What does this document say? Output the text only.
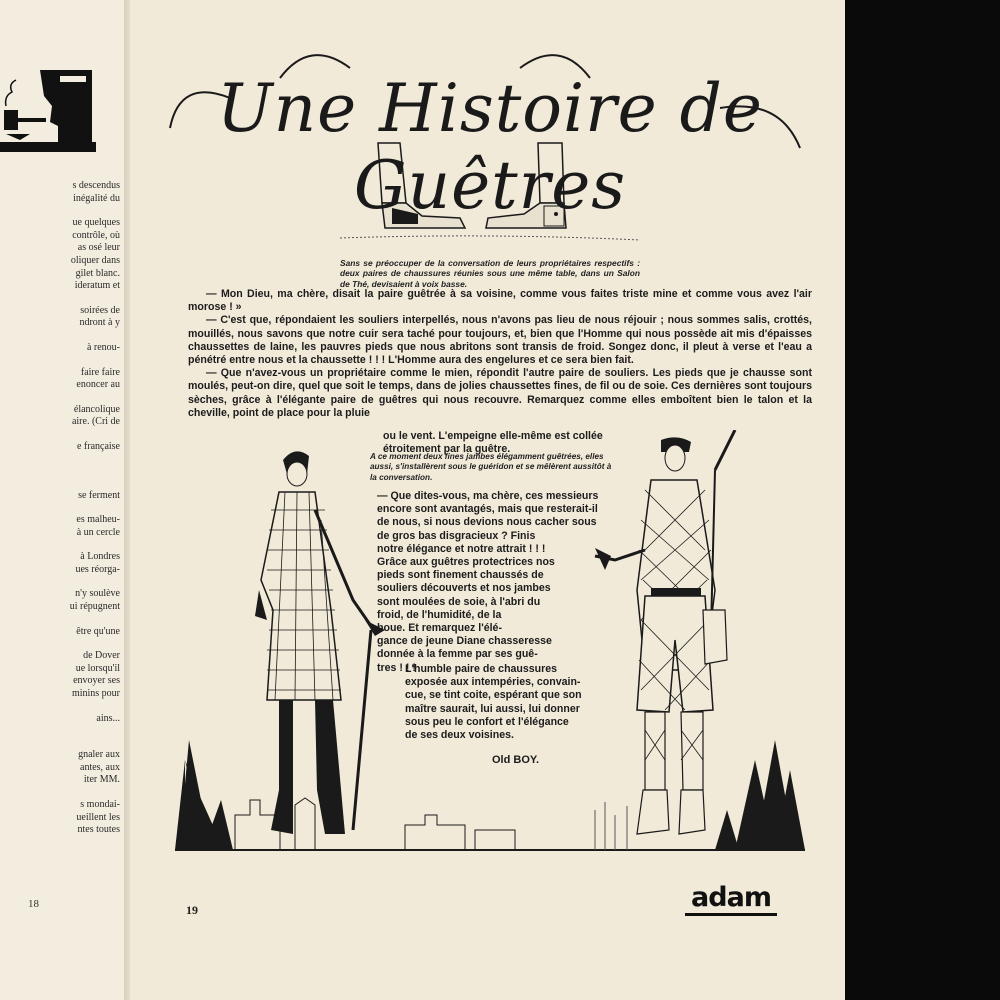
s descendus
inégalité du
ue quelques
contrôle, où
as osé leur
oliquer dans
gilet blanc.
ideratum et
soirées de
ndront à y
à renou-
faire faire
enoncer au
élancolique
aire. (Cri de
e française
se ferment
es malheu-
à un cercle
à Londres
ues réorga-
n'y soulève
ui répugnent
être qu'une
de Dover
ue lorsqu'il
envoyer ses
minins pour
ains...
gnaler aux
antes, aux
iter MM.
s mondai-
ueillent les
ntes toutes
18
Une Histoire de Guêtres
Sans se préoccuper de la conversation de leurs propriétaires respectifs : deux paires de chaussures réunies sous une même table, dans un Salon de Thé, devisaient à voix basse.

— Mon Dieu, ma chère, disait la paire guêtrée à sa voisine, comme vous faites triste mine et comme vous avez l'air morose ! »

— C'est que, répondaient les souliers interpellés, nous n'avons pas lieu de nous réjouir ; nous sommes salis, crottés, mouillés, nous savons que notre cuir sera taché pour toujours, et, bien que l'Homme qui nous possède ait mis d'épaisses chaussettes de laine, les pauvres pieds que nous abritons sont transis de froid. Songez donc, il pleut à verse et l'eau a pénétré entre nous et la chaussette ! ! ! L'Homme aura des engelures et ce sera bien fait.

— Que n'avez-vous un propriétaire comme le mien, répondit l'autre paire de souliers. Les pieds que je chausse sont moulés, peut-on dire, quel que soit le temps, dans de jolies chaussettes fines, de fil ou de soie. Ces dernières sont toujours sèches, grâce à l'élégante paire de guêtres qui nous recouvre. Remarquez comme elles emboîtent bien le talon et la cheville, point de place pour la pluie

ou le vent. L'empeigne elle-même est collée
étroitement par la guêtre.
A ce moment deux fines jambes élégamment guêtrées, elles aussi, s'installèrent sous le guéridon et se mêlèrent aussitôt à la conversation.
— Que dites-vous, ma chère, ces messieurs
encore sont avantagés, mais que resterait-il
de nous, si nous devions nous cacher sous
de gros bas disgracieux ? Finis
notre élégance et notre attrait ! ! !
Grâce aux guêtres protectrices nos
pieds sont finement chaussés de
souliers découverts et nos jambes
sont moulées de soie, à l'abri du
froid, de l'humidité, de la
boue. Et remarquez l'élé-
gance de jeune Diane chasseresse
donnée à la femme par ses guê-
tres ! ! !
L'humble paire de chaussures
exposée aux intempéries, convain-
cue, se tint coite, espérant que son
maître saurait, lui aussi, lui donner
sous peu le confort et l'élégance
de ses deux voisines.
Old BOY.
19	adam
